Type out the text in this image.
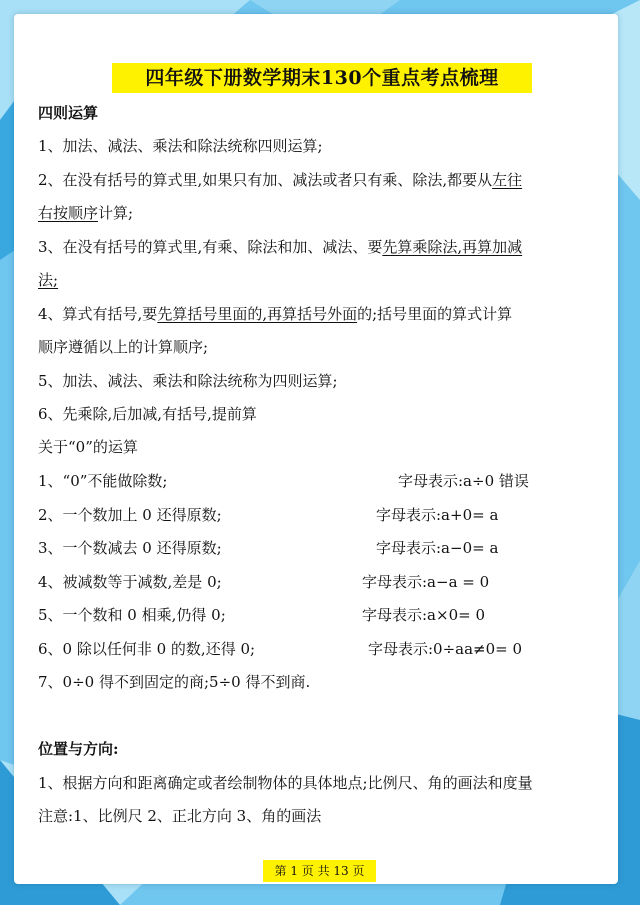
四年级下册数学期末130个重点考点梳理
四则运算
1、加法、减法、乘法和除法统称四则运算;
2、在没有括号的算式里,如果只有加、减法或者只有乘、除法,都要从左往
右按顺序计算;
3、在没有括号的算式里,有乘、除法和加、减法、要先算乘除法,再算加减
法;
4、算式有括号,要先算括号里面的,再算括号外面的;括号里面的算式计算
顺序遵循以上的计算顺序;
5、加法、减法、乘法和除法统称为四则运算;
6、先乘除,后加减,有括号,提前算
关于“0”的运算
1、“0”不能做除数;
2、一个数加上 0 还得原数;
3、一个数减去 0 还得原数;
4、被减数等于减数,差是 0;
5、一个数和 0 相乘,仍得 0;
6、0 除以任何非 0 的数,还得 0;
7、0÷0 得不到固定的商;5÷0 得不到商.
位置与方向:
1、根据方向和距离确定或者绘制物体的具体地点;比例尺、角的画法和度量
注意:1、比例尺 2、正北方向 3、角的画法
字母表示:a÷0 错误
字母表示:a+0= a
字母表示:a−0= a
字母表示:a−a = 0
字母表示:a×0= 0
字母表示:0÷aa≠0= 0
第 1 页 共 13 页
